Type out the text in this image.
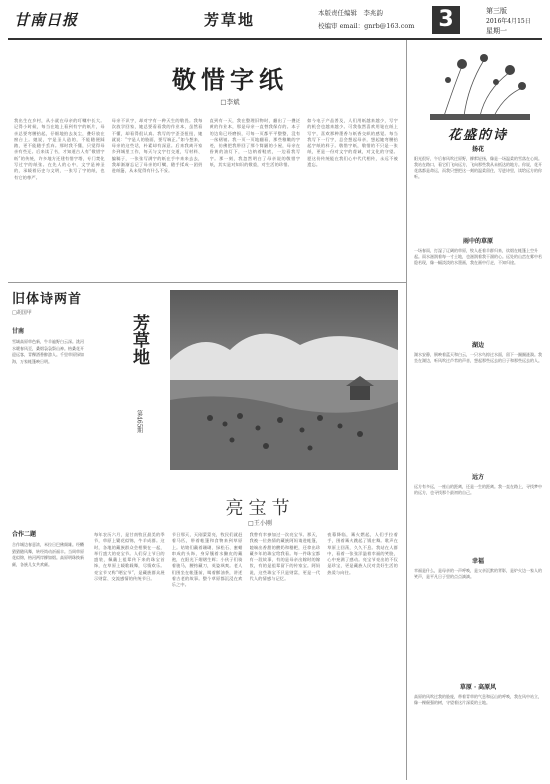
甘南日报	芳草地	本版责任编辑　李兆韵
校编审 email：gnrb@163.com 3	第三版
2016年4月15日
星期一
敬惜字纸
□李斌
我出生在乡村，从小就在母亲的叮嘱中长大。记得小时候，每当在地上看到有字的纸片，母亲总要弯腰拾起，仔细地拍去灰尘，叠好放在窗台上。她说，字是圣人造的，不能随便踩踏，更不能随手丢弃。那时我不懂，只觉得母亲有些迂。后来读了书，才知道古人有“敬惜字纸”的传统，许多地方还建有惜字塔，专门焚化写过字的纸张。在先人的心中，文字是神圣的，承载着历史与文明，一张写了字的纸，也有它的尊严。
母亲不识字，却对字有一种天生的敬畏。我每次放学回家，她总要看看我的作业本，虽然看不懂，却看得很认真。我写的字歪歪扭扭，她就说：“字是人的脸面，要写端正。”如今想来，母亲的这些话，朴素却有深意。后来我离开家乡到城里工作，每天与文字打交道，写材料、编稿子，一张张写满字的纸在手中来来去去，我却渐渐忘记了母亲的叮嘱，随手揉成一团扔进纸篓，从未觉得有什么不妥。
直到有一天，我在整理旧物时，翻出了一叠泛黄的作业本，那是母亲一直替我保存的。本子的边角已经磨损，可每一页都平平整整，没有一丝褶皱。我一页一页地翻看，那些稚嫩的字迹，仿佛把我带回了那个简陋的小屋，母亲在昏黄的油灯下，一边纳着鞋底，一边看我写字。那一刻，我忽然明白了母亲说的敬惜字纸，其实是对知识的敬重，对生活的珍惜。
如今电子产品普及，人们用纸越来越少，写字的机会也越来越少。可我依然喜欢用笔在纸上写字，喜欢那种墨香与纸香交织的感觉。每当我写下一行字，总会想起母亲，想起她弯腰拾起字纸的样子。敬惜字纸，敬惜的不只是一张纸，更是一份对文字的虔诚，对文化的守望。愿这份传统能在我们心中代代相传，永远不被遗忘。
花盛的诗
扬花
阳光很好，午后春风吹过原野，柳絮轻扬，像是一场温柔的雪落在心间。我站在路口，看它们飞向远方，飞向那些我从未抵达的地方。你说，花开花落都是命运，而我只想把这一刻的温柔留住，写进诗里，读给远方的你听。
雨中的草原
一场春雨，打湿了辽阔的草原，牧人赶着羊群归来，炊烟在帐篷上空升起。雨水滋润着每一寸土地，也滋润着我干涸的心。远处的山峦在雾中若隐若现，像一幅淡淡的水墨画，我在画中行走，不知归途。
湖边
湖水安静，倒映着蓝天和白云，一只水鸟掠过水面，留下一圈圈涟漪。我坐在湖边，听风吹过芦苇的声音，想起那些远去的日子和那些远去的人。
远方
远方有多远，一座山的距离，还是一生的距离。我一直在路上，寻找梦中的远方，也寻找那个最初的自己。
幸福
幸福是什么，是母亲的一声呼唤，是父亲沉默的背影，是炉火边一家人的笑声，是平凡日子里的点点滴滴。
草原 · 高原风
高原的风吹过我的脸庞，带着青草的气息和远山的呼唤，我在风中站立，像一棵倔强的树，守望着这片深爱的土地。
旧体诗两首
□胡国甲
甘南
雪域高原草色新，牛羊遍野白云深。洮河水暖春风至，桑烟袅袅祭山神。格桑花开迎远客，青稞酒香醉游人。千里草原绿如海，万家帐篷映日明。
合作二题
合作城边春意浓，米拉日巴佛阁雄。经幡猎猎随风舞，转经筒动祈福丰。当周草原花似锦，格河两岸柳如烟。高原明珠换新颜，各族儿女共欢颜。
芳草地
第465期
亮宝节
□王小刚
每年农历六月，是甘南牧区最美的季节，草原上繁花似锦，牛羊成群。这时，各地的藏族群众会相聚在一起，举行盛大的亮宝节。人们穿上节日的盛装，佩戴上祖辈传下来的珠宝首饰，在草原上载歌载舞，尽情欢乐。亮宝节又称“晒宝节”，是藏族群众展示财富、交流感情的传统节日。
节日那天，天刚蒙蒙亮，牧民们就赶着马匹，带着帐篷和食物来到草原上。姑娘们戴着珊瑚、绿松石、蜜蜡串成的头饰，身穿镶着水獭皮的藏袍，在阳光下熠熠生辉；小伙子们骑着骏马，腰挎藏刀，英姿飒爽。老人们围坐在帐篷前，喝着酥油茶，讲述着古老的故事。整个草原都沉浸在欢乐之中。
我曾有幸参加过一次亮宝节。那天，我被一位热情的藏族阿妈请进帐篷，她端出香甜的酸奶和糌粑，还拿出珍藏多年的珠宝给我看。每一件珠宝都有一段故事，有的是母亲出嫁时的嫁妆，有的是祖辈留下的传家宝。阿妈说，这些珠宝不只是财富，更是一代代人的情感与记忆。
夜幕降临，篝火燃起，人们手拉着手，围着篝火跳起了锅庄舞。歌声在草原上回荡，久久不息。我站在人群中，看着一张张洋溢着幸福的笑脸，心中充满了感动。亮宝节亮出的不仅是珍宝，更是藏族人民对美好生活的热爱与向往。
